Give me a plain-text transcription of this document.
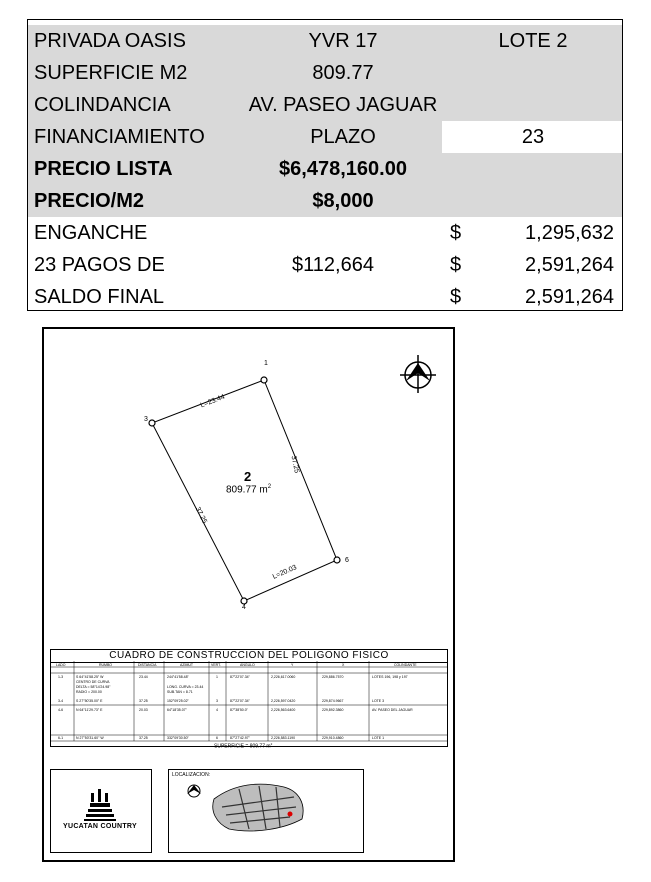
PRIVADA OASIS	YVR 17	LOTE 2
SUPERFICIE M2	809.77
COLINDANCIA	AV. PASEO JAGUAR
FINANCIAMIENTO	PLAZO	23
PRECIO LISTA	$6,478,160.00
PRECIO/M2	$8,000
ENGANCHE	$	1,295,632
23 PAGOS DE	$112,664	$	2,591,264
SALDO FINAL	$	2,591,264
1
3
4
6
L=23.44
37.25
37.25
L=20.03
2
809.77 $m^2$
CUADRO DE CONSTRUCCION DEL POLIGONO FISICO
LADO	RUMBO	DISTANCIA	AZIMUT	VERT.	ANGULO	Y	X	COLINDANTE
1-3	S 64°41'58.25" W	23.44	244°41'58.48"	1	87°22'07.34"	2,226,617.0060	229,886.7570	LOTES 196, 198 y 197
CENTRO DE CURVA
DELTA = 58°14'24.98"
RADIO = 200.00
LONG. CURVA = 23.44
SUB.TAN = 8.71
3-4	S 27°50'35.00" E	37.25	152°09'25.02"	3	87°22'07.34"	2,226,597.0420	229,874.9667	LOTE 3
4-6	N 64°11'29.73" E	20.03	64°18'35.07"	4	87°38'50.0"	2,226,563.6400	229,892.3860	AV. PASEO DEL JAGUAR
6-1	N 27°50'31.60" W	37.25	332°09'30.50"	6	87°27'42.97"	2,226,583.1190	229,910.4860	LOTE 1
SUPERFICIE = 809.77 $m^2$
YUCATAN COUNTRY
LOCALIZACION:
